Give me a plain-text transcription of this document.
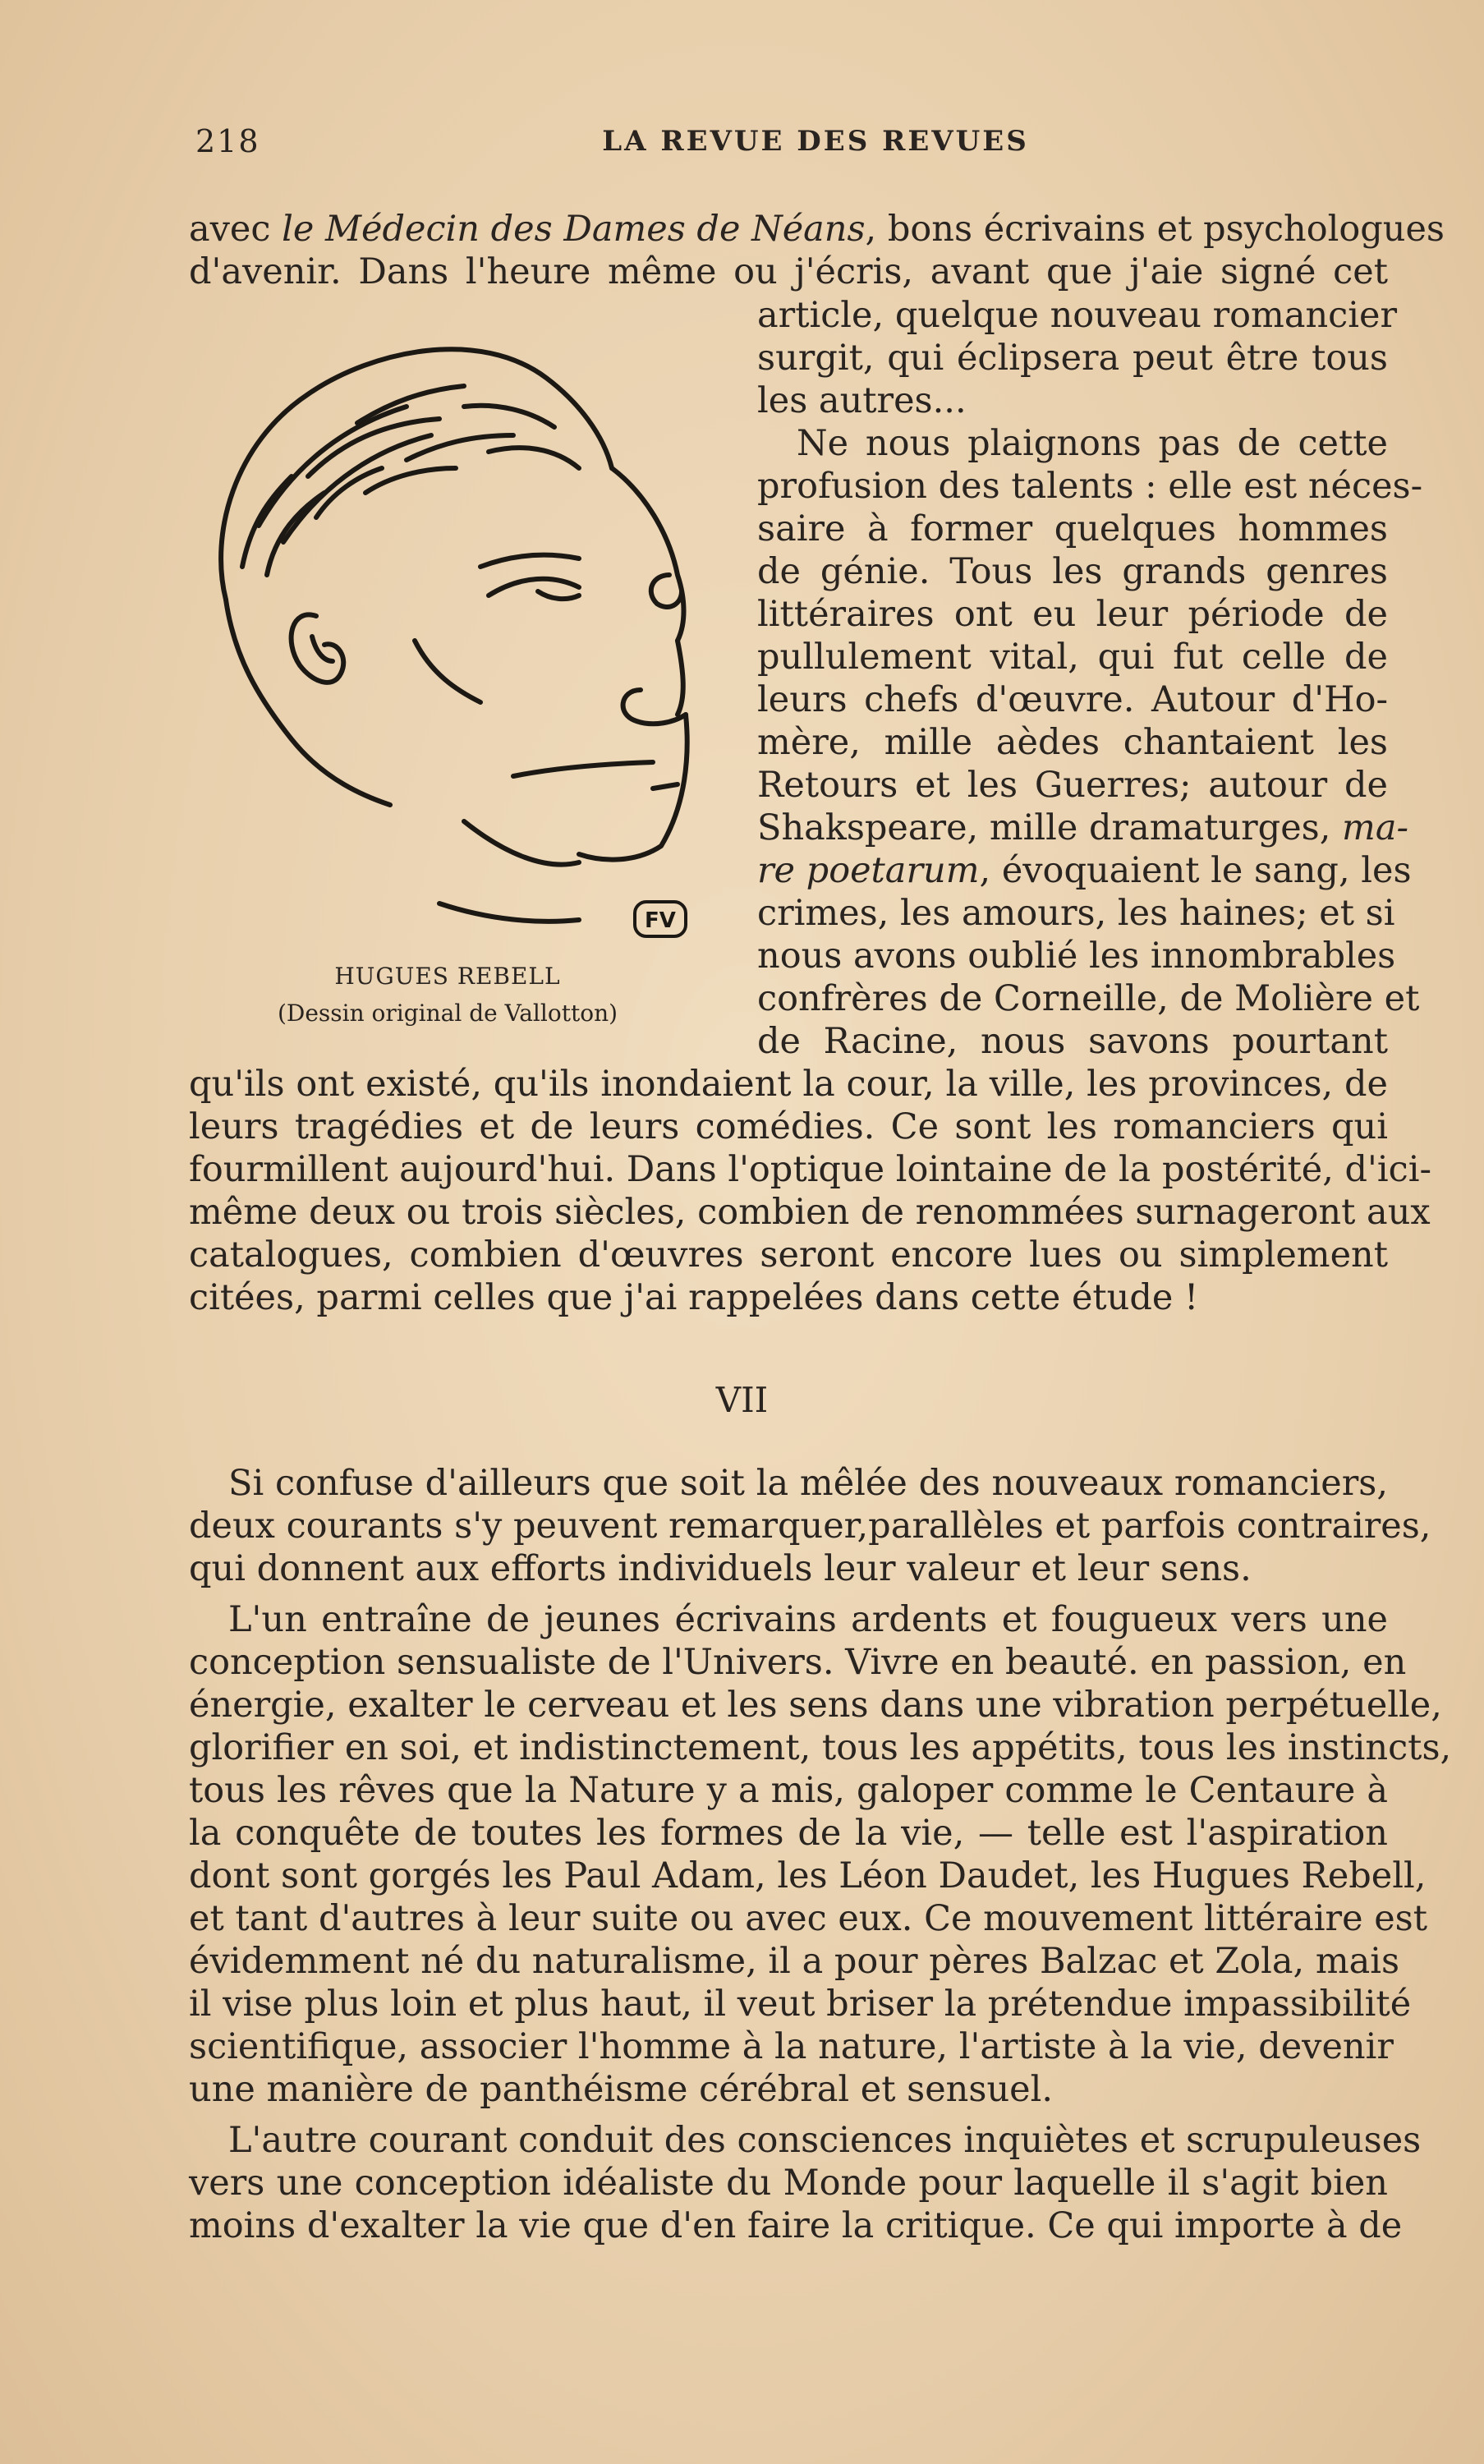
218	LA REVUE DES REVUES
avec le Médecin des Dames de Néans, bons écrivains et psychologues
d'avenir. Dans l'heure même ou j'écris, avant que j'aie signé cet
FV
HUGUES REBELL
(Dessin original de Vallotton)
article, quelque nouveau romancier
surgit, qui éclipsera peut être tous
les autres...
Ne nous plaignons pas de cette
profusion des talents : elle est néces-
saire à former quelques hommes
de génie. Tous les grands genres
littéraires ont eu leur période de
pullulement vital, qui fut celle de
leurs chefs d'œuvre. Autour d'Ho-
mère, mille aèdes chantaient les
Retours et les Guerres; autour de
Shakspeare, mille dramaturges, ma-
re poetarum, évoquaient le sang, les
crimes, les amours, les haines; et si
nous avons oublié les innombrables
confrères de Corneille, de Molière et
de Racine, nous savons pourtant
qu'ils ont existé, qu'ils inondaient la cour, la ville, les provinces, de
leurs tragédies et de leurs comédies. Ce sont les romanciers qui
fourmillent aujourd'hui. Dans l'optique lointaine de la postérité, d'ici-
même deux ou trois siècles, combien de renommées surnageront aux
catalogues, combien d'œuvres seront encore lues ou simplement
citées, parmi celles que j'ai rappelées dans cette étude !
VII
Si confuse d'ailleurs que soit la mêlée des nouveaux romanciers,
deux courants s'y peuvent remarquer,parallèles et parfois contraires,
qui donnent aux efforts individuels leur valeur et leur sens.
L'un entraîne de jeunes écrivains ardents et fougueux vers une
conception sensualiste de l'Univers. Vivre en beauté. en passion, en
énergie, exalter le cerveau et les sens dans une vibration perpétuelle,
glorifier en soi, et indistinctement, tous les appétits, tous les instincts,
tous les rêves que la Nature y a mis, galoper comme le Centaure à
la conquête de toutes les formes de la vie, — telle est l'aspiration
dont sont gorgés les Paul Adam, les Léon Daudet, les Hugues Rebell,
et tant d'autres à leur suite ou avec eux. Ce mouvement littéraire est
évidemment né du naturalisme, il a pour pères Balzac et Zola, mais
il vise plus loin et plus haut, il veut briser la prétendue impassibilité
scientifique, associer l'homme à la nature, l'artiste à la vie, devenir
une manière de panthéisme cérébral et sensuel.
L'autre courant conduit des consciences inquiètes et scrupuleuses
vers une conception idéaliste du Monde pour laquelle il s'agit bien
moins d'exalter la vie que d'en faire la critique. Ce qui importe à de
